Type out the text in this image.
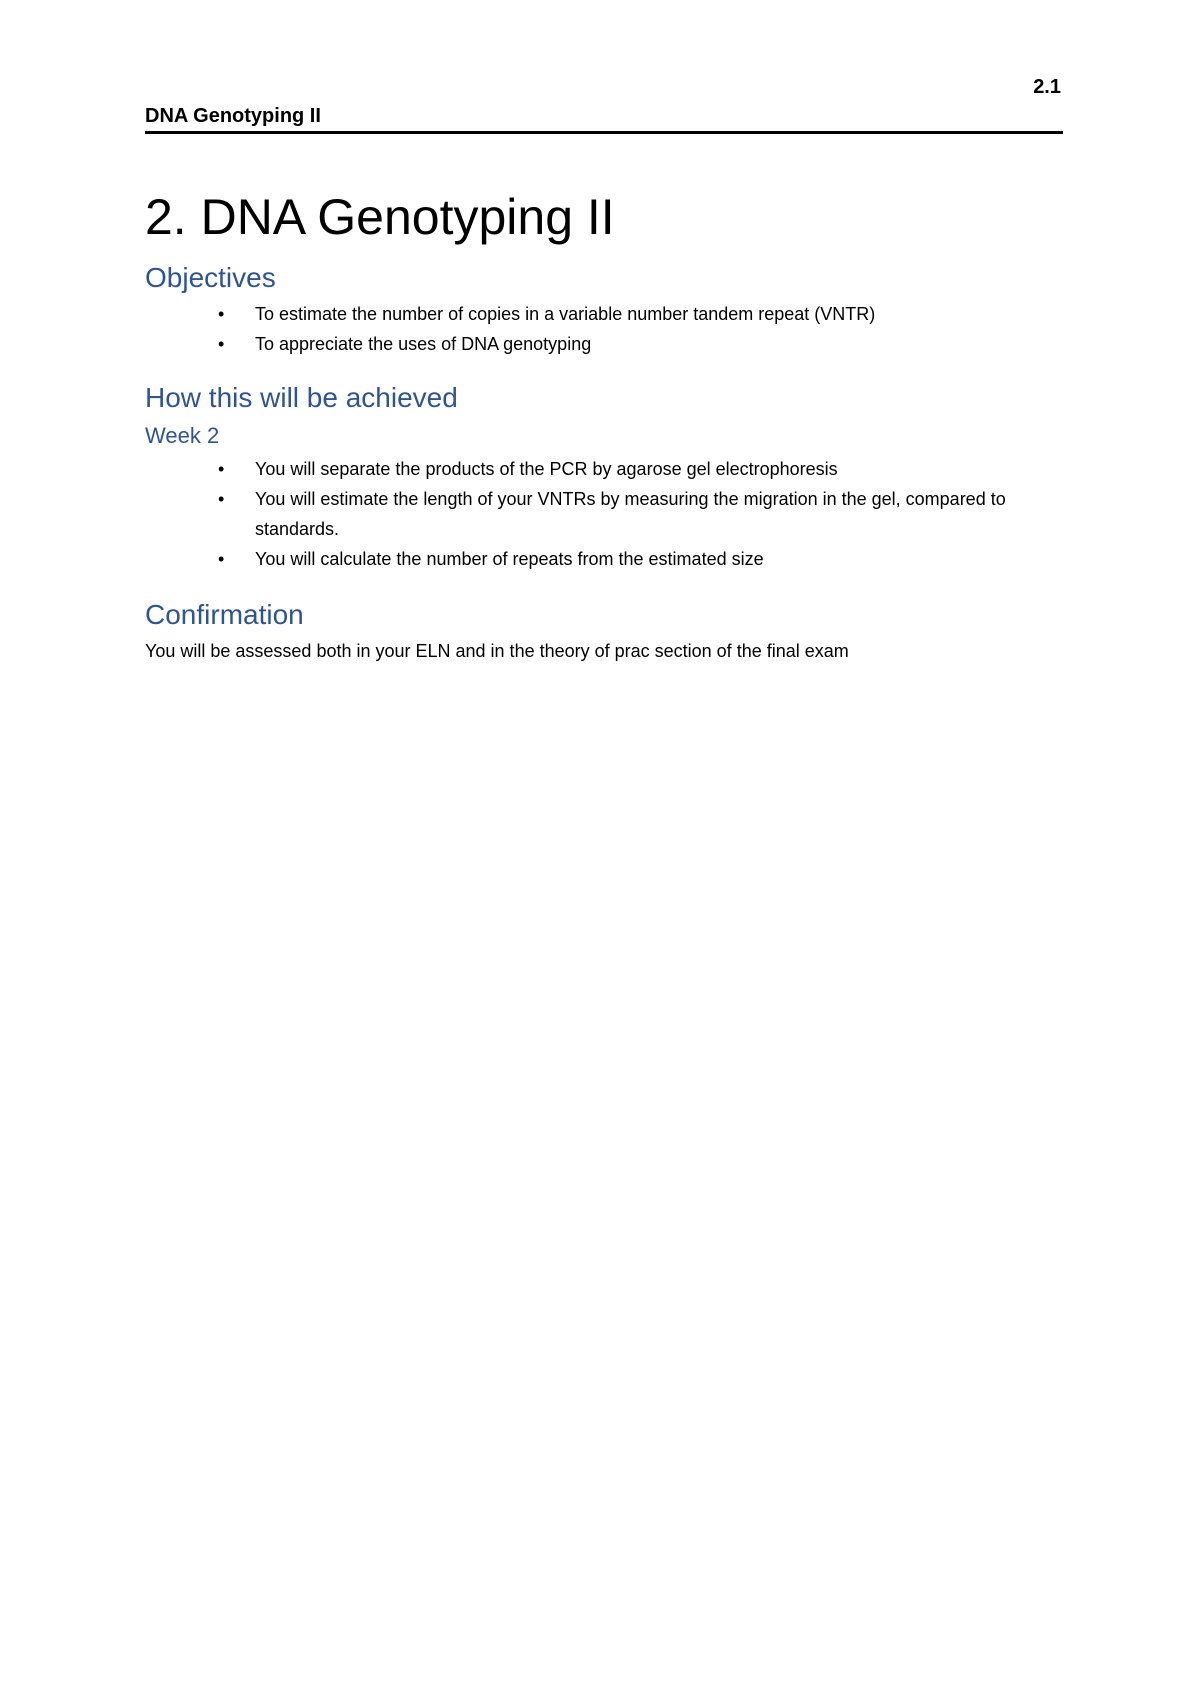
2.1
DNA Genotyping II
2. DNA Genotyping II
Objectives
• To estimate the number of copies in a variable number tandem repeat (VNTR)
• To appreciate the uses of DNA genotyping
How this will be achieved
Week 2
• You will separate the products of the PCR by agarose gel electrophoresis
• You will estimate the length of your VNTRs by measuring the migration in the gel, compared to standards.
• You will calculate the number of repeats from the estimated size
Confirmation

You will be assessed both in your ELN and in the theory of prac section of the final exam
